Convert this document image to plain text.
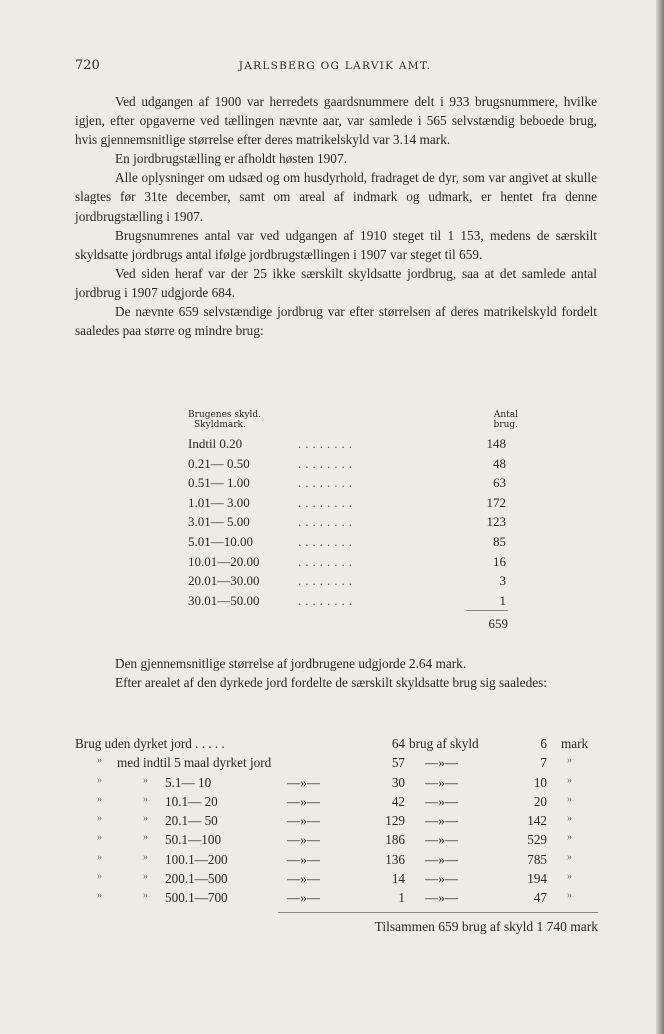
720	JARLSBERG OG LARVIK AMT.

Ved udgangen af 1900 var herredets gaardsnummere delt i 933 brugsnummere, hvilke igjen, efter opgaverne ved tællingen nævnte aar, var samlede i 565 selvstændig beboede brug, hvis gjennemsnitlige størrelse efter deres matrikelskyld var 3.14 mark.

En jordbrugstælling er afholdt høsten 1907.

Alle oplysninger om udsæd og om husdyrhold, fradraget de dyr, som var angivet at skulle slagtes før 31te december, samt om areal af indmark og udmark, er hentet fra denne jordbrugstælling i 1907.

Brugsnumrenes antal var ved udgangen af 1910 steget til 1 153, medens de særskilt skyldsatte jordbrugs antal ifølge jordbrugstællingen i 1907 var steget til 659.

Ved siden heraf var der 25 ikke særskilt skyldsatte jordbrug, saa at det samlede antal jordbrug i 1907 udgjorde 684.

De nævnte 659 selvstændige jordbrug var efter størrelsen af deres matrikelskyld fordelt saaledes paa større og mindre brug:

Brugenes skyld.
Skyldmark.
Antal
brug.
Indtil 0.20	........	148
0.21— 0.50	........	48
0.51— 1.00	........	63
1.01— 3.00	........	172
3.01— 5.00	........	123
5.01—10.00	........	85
10.01—20.00	........	16
20.01—30.00	........	3
30.01—50.00	........	1
659

Den gjennemsnitlige størrelse af jordbrugene udgjorde 2.64 mark.

Efter arealet af den dyrkede jord fordelte de særskilt skyldsatte brug sig saaledes:

Brug uden dyrket jord . . . . .	64 brug af skyld	6 mark
» med indtil 5 maal dyrket jord	57 —»—	7 »
»	» 5.1— 10	—»—	30 —»—	10 »
»	» 10.1— 20	—»—	42 —»—	20 »
»	» 20.1— 50	—»—	129 —»—	142 »
»	» 50.1—100	—»—	186 —»—	529 »
»	» 100.1—200	—»—	136 —»—	785 »
»	» 200.1—500	—»—	14 —»—	194 »
»	» 500.1—700	—»—	1 —»—	47 »
Tilsammen 659 brug af skyld 1 740 mark
